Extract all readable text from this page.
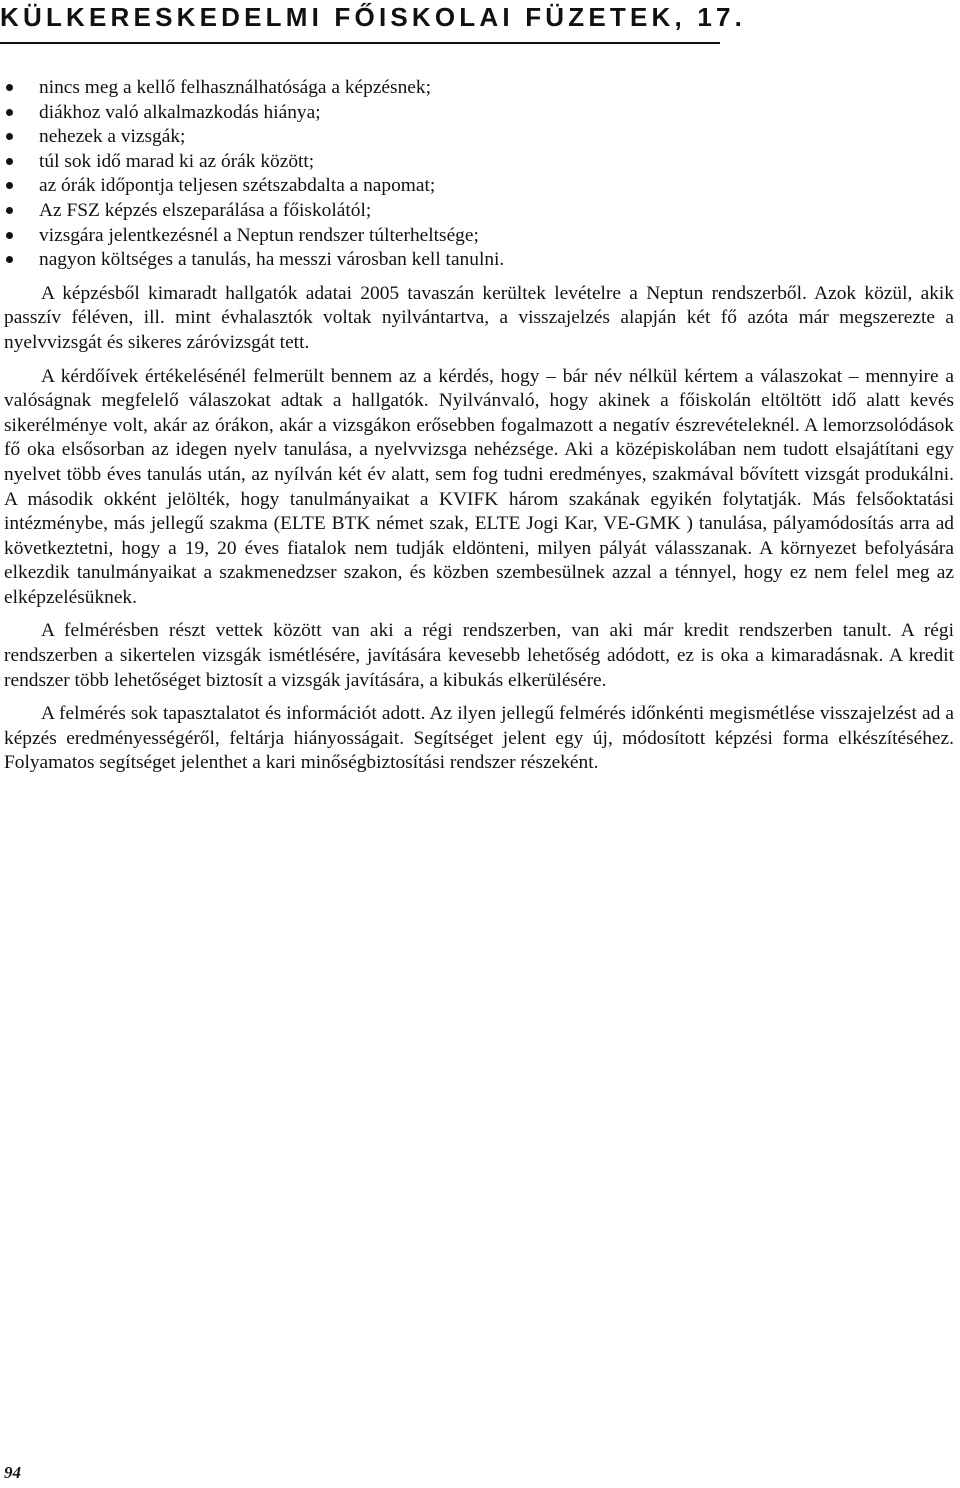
KÜLKERESKEDELMI FŐISKOLAI FÜZETEK, 17.
nincs meg a kellő felhasználhatósága a képzésnek;
diákhoz való alkalmazkodás hiánya;
nehezek a vizsgák;
túl sok idő marad ki az órák között;
az órák időpontja teljesen szétszabdalta a napomat;
Az FSZ képzés elszeparálása a főiskolától;
vizsgára jelentkezésnél a Neptun rendszer túlterheltsége;
nagyon költséges a tanulás, ha messzi városban kell tanulni.

A képzésből kimaradt hallgatók adatai 2005 tavaszán kerültek levételre a Neptun rendszerből. Azok közül, akik passzív féléven, ill. mint évhalasztók voltak nyilvántartva, a visszajelzés alapján két fő azóta már megszerezte a nyelvvizsgát és sikeres záróvizsgát tett.

A kérdőívek értékelésénél felmerült bennem az a kérdés, hogy – bár név nélkül kértem a válaszokat – mennyire a valóságnak megfelelő válaszokat adtak a hallgatók. Nyilvánvaló, hogy akinek a főiskolán eltöltött idő alatt kevés sikerélménye volt, akár az órákon, akár a vizsgákon erősebben fogalmazott a negatív észrevételeknél. A lemorzsolódások fő oka elsősorban az idegen nyelv tanulása, a nyelvvizsga nehézsége. Aki a középiskolában nem tudott elsajátítani egy nyelvet több éves tanulás után, az nyílván két év alatt, sem fog tudni eredményes, szakmával bővített vizsgát produkálni. A második okként jelölték, hogy tanulmányaikat a KVIFK három szakának egyikén folytatják. Más felsőoktatási intézménybe, más jellegű szakma (ELTE BTK német szak, ELTE Jogi Kar, VE-GMK ) tanulása, pályamódosítás arra ad következtetni, hogy a 19, 20 éves fiatalok nem tudják eldönteni, milyen pályát válasszanak. A környezet befolyására elkezdik tanulmányaikat a szakmenedzser szakon, és közben szembesülnek azzal a ténnyel, hogy ez nem felel meg az elképzelésüknek.

A felmérésben részt vettek között van aki a régi rendszerben, van aki már kredit rendszerben tanult. A régi rendszerben a sikertelen vizsgák ismétlésére, javítására kevesebb lehetőség adódott, ez is oka a kimaradásnak. A kredit rendszer több lehetőséget biztosít a vizsgák javítására, a kibukás elkerülésére.

A felmérés sok tapasztalatot és információt adott. Az ilyen jellegű felmérés időnkénti megismétlése visszajelzést ad a képzés eredményességéről, feltárja hiányosságait. Segítséget jelent egy új, módosított képzési forma elkészítéséhez. Folyamatos segítséget jelenthet a kari minőségbiztosítási rendszer részeként.

94
